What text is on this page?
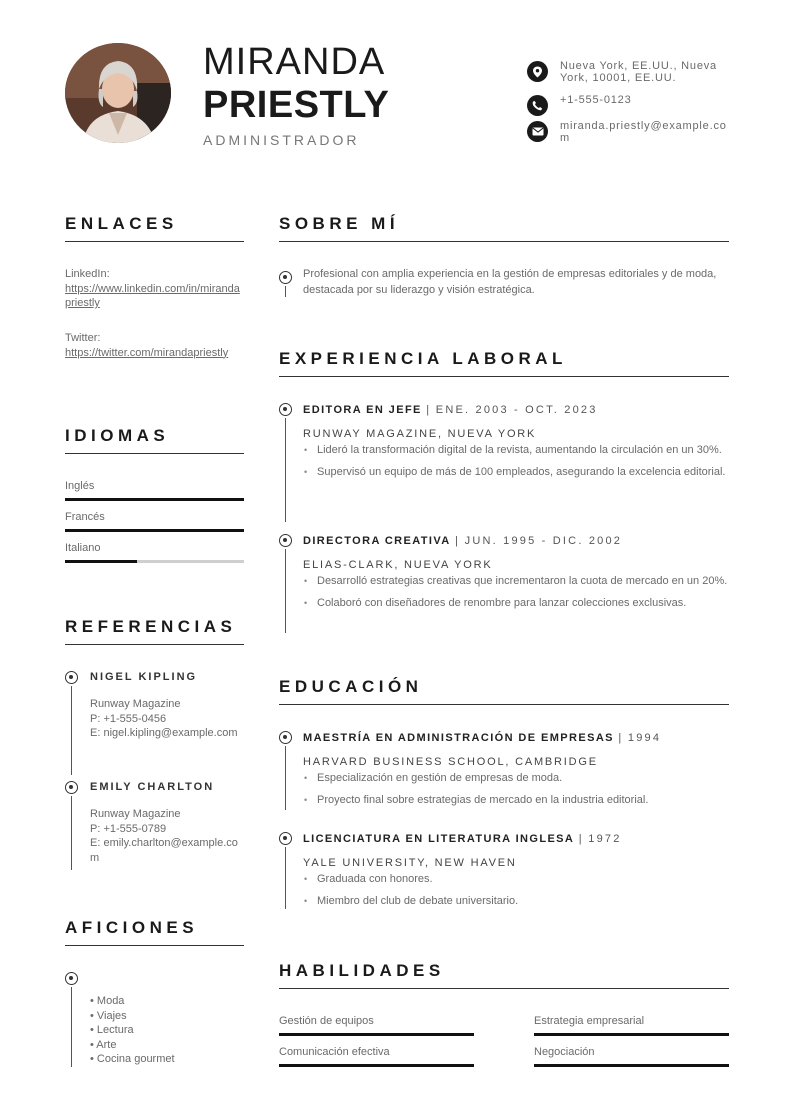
MIRANDA
PRIESTLY
ADMINISTRADOR
Nueva York, EE.UU., Nueva York, 10001, EE.UU.
+1-555-0123
miranda.priestly@example.com
ENLACES
LinkedIn:
https://www.linkedin.com/in/mirandapriestly
Twitter:
https://twitter.com/mirandapriestly
IDIOMAS
Inglés
Francés
Italiano
REFERENCIAS
NIGEL KIPLING
Runway Magazine
P: +1-555-0456
E: nigel.kipling@example.com
EMILY CHARLTON
Runway Magazine
P: +1-555-0789
E: emily.charlton@example.com
AFICIONES
• Moda
• Viajes
• Lectura
• Arte
• Cocina gourmet
SOBRE MÍ
Profesional con amplia experiencia en la gestión de empresas editoriales y de moda, destacada por su liderazgo y visión estratégica.
EXPERIENCIA LABORAL
EDITORA EN JEFE | ENE. 2003 - OCT. 2023
RUNWAY MAGAZINE, NUEVA YORK
• Lideró la transformación digital de la revista, aumentando la circulación en un 30%.
• Supervisó un equipo de más de 100 empleados, asegurando la excelencia editorial.
DIRECTORA CREATIVA | JUN. 1995 - DIC. 2002
ELIAS-CLARK, NUEVA YORK
• Desarrolló estrategias creativas que incrementaron la cuota de mercado en un 20%.
• Colaboró con diseñadores de renombre para lanzar colecciones exclusivas.
EDUCACIÓN
MAESTRÍA EN ADMINISTRACIÓN DE EMPRESAS | 1994
HARVARD BUSINESS SCHOOL, CAMBRIDGE
• Especialización en gestión de empresas de moda.
• Proyecto final sobre estrategias de mercado en la industria editorial.
LICENCIATURA EN LITERATURA INGLESA | 1972
YALE UNIVERSITY, NEW HAVEN
• Graduada con honores.
• Miembro del club de debate universitario.
HABILIDADES
Gestión de equipos	Estrategia empresarial
Comunicación efectiva	Negociación
